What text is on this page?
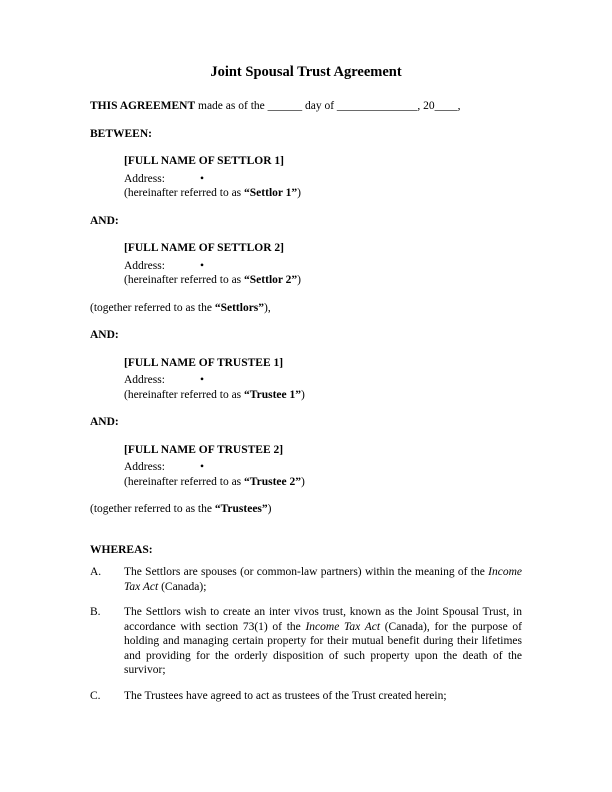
Joint Spousal Trust Agreement

THIS AGREEMENT made as of the ______ day of ______________, 20____,

BETWEEN:

[FULL NAME OF SETTLOR 1]

Address:	•

(hereinafter referred to as “Settlor 1”)

AND:

[FULL NAME OF SETTLOR 2]

Address:	•

(hereinafter referred to as “Settlor 2”)

(together referred to as the “Settlors”),

AND:

[FULL NAME OF TRUSTEE 1]

Address:	•

(hereinafter referred to as “Trustee 1”)

AND:

[FULL NAME OF TRUSTEE 2]

Address:	•

(hereinafter referred to as “Trustee 2”)

(together referred to as the “Trustees”)

WHEREAS:

A.	The Settlors are spouses (or common-law partners) within the meaning of the Income Tax Act (Canada);
B.	The Settlors wish to create an inter vivos trust, known as the Joint Spousal Trust, in accordance with section 73(1) of the Income Tax Act (Canada), for the purpose of holding and managing certain property for their mutual benefit during their lifetimes and providing for the orderly disposition of such property upon the death of the survivor;
C.	The Trustees have agreed to act as trustees of the Trust created herein;
